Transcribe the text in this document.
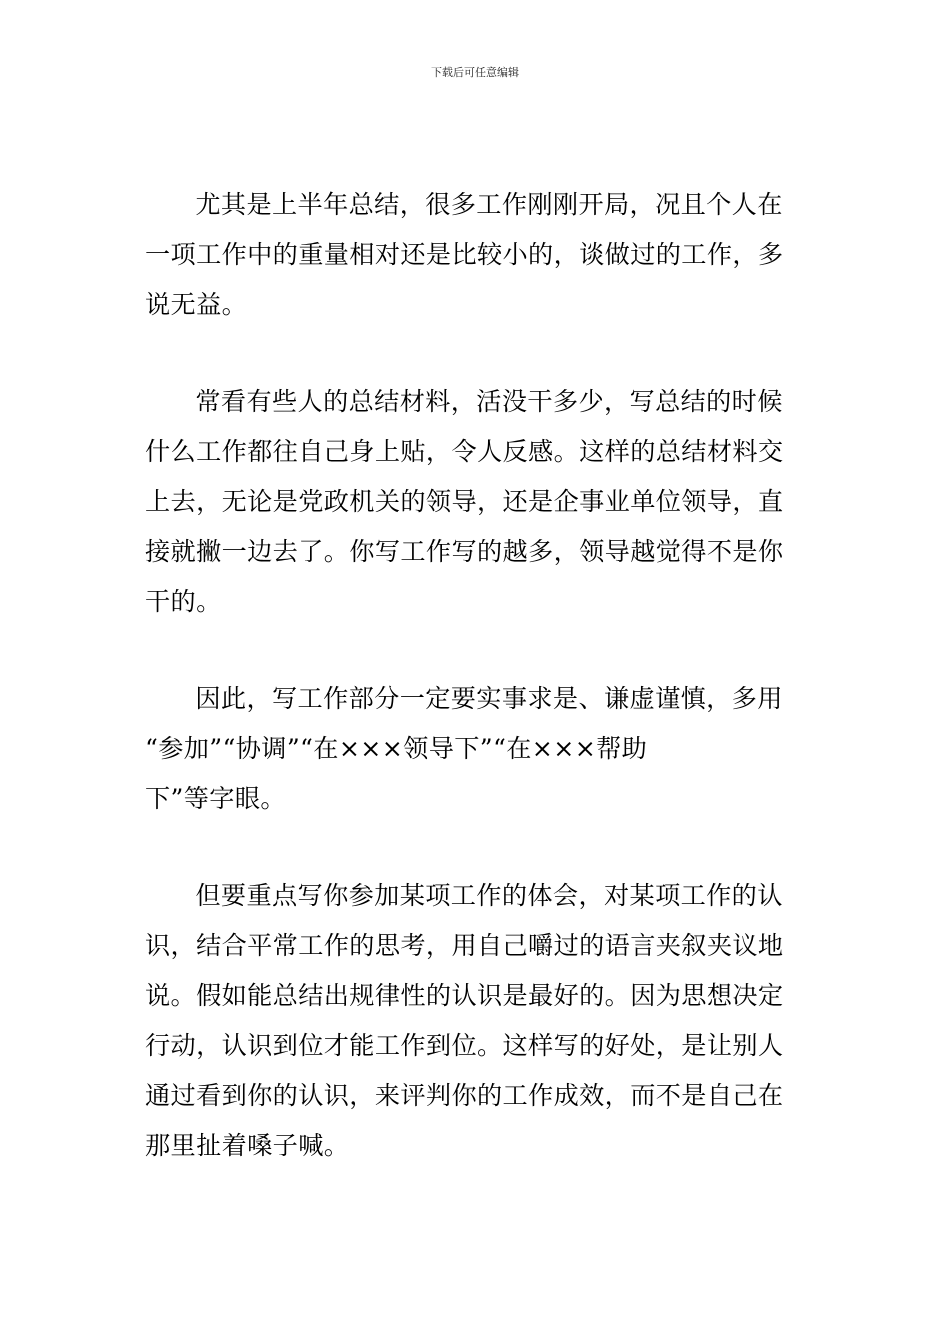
下载后可任意编辑

尤其是上半年总结，很多工作刚刚开局，况且个人在
一项工作中的重量相对还是比较小的，谈做过的工作，多
说无益。

常看有些人的总结材料，活没干多少，写总结的时候
什么工作都往自己身上贴，令人反感。这样的总结材料交
上去，无论是党政机关的领导，还是企事业单位领导，直
接就撇一边去了。你写工作写的越多，领导越觉得不是你
干的。

因此，写工作部分一定要实事求是、谦虚谨慎，多用
“参加”“协调”“在×××领导下”“在×××帮助
下”等字眼。

但要重点写你参加某项工作的体会，对某项工作的认
识，结合平常工作的思考，用自己嚼过的语言夹叙夹议地
说。假如能总结出规律性的认识是最好的。因为思想决定
行动，认识到位才能工作到位。这样写的好处，是让别人
通过看到你的认识，来评判你的工作成效，而不是自己在
那里扯着嗓子喊。
